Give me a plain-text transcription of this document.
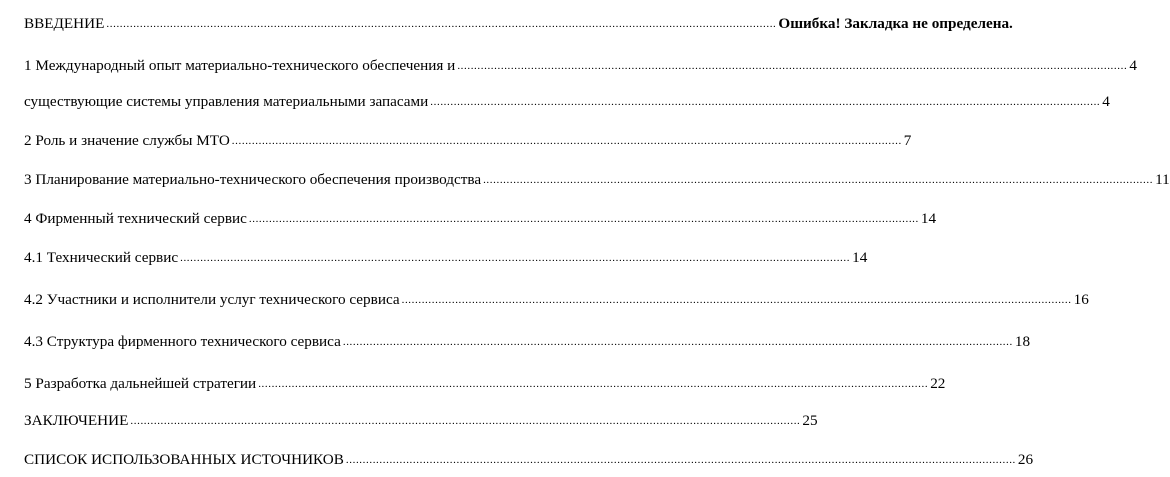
ВВЕДЕНИЕ ........................................................................................................................................................................................................ Ошибка! Закладка не определена.
1 Международный опыт материально-технического обеспечения и ........................................................................................................................................................................................................ 4
существующие системы управления материальными запасами ........................................................................................................................................................................................................ 4
2 Роль и значение службы МТО ........................................................................................................................................................................................................ 7
3 Планирование материально-технического обеспечения производства ........................................................................................................................................................................................................ 11
4 Фирменный технический сервис ........................................................................................................................................................................................................ 14
4.1 Технический сервис ........................................................................................................................................................................................................ 14
4.2 Участники и исполнители услуг технического сервиса ........................................................................................................................................................................................................ 16
4.3 Структура фирменного технического сервиса ........................................................................................................................................................................................................ 18
5 Разработка дальнейшей стратегии ........................................................................................................................................................................................................ 22
ЗАКЛЮЧЕНИЕ ........................................................................................................................................................................................................ 25
СПИСОК ИСПОЛЬЗОВАННЫХ ИСТОЧНИКОВ ........................................................................................................................................................................................................ 26
